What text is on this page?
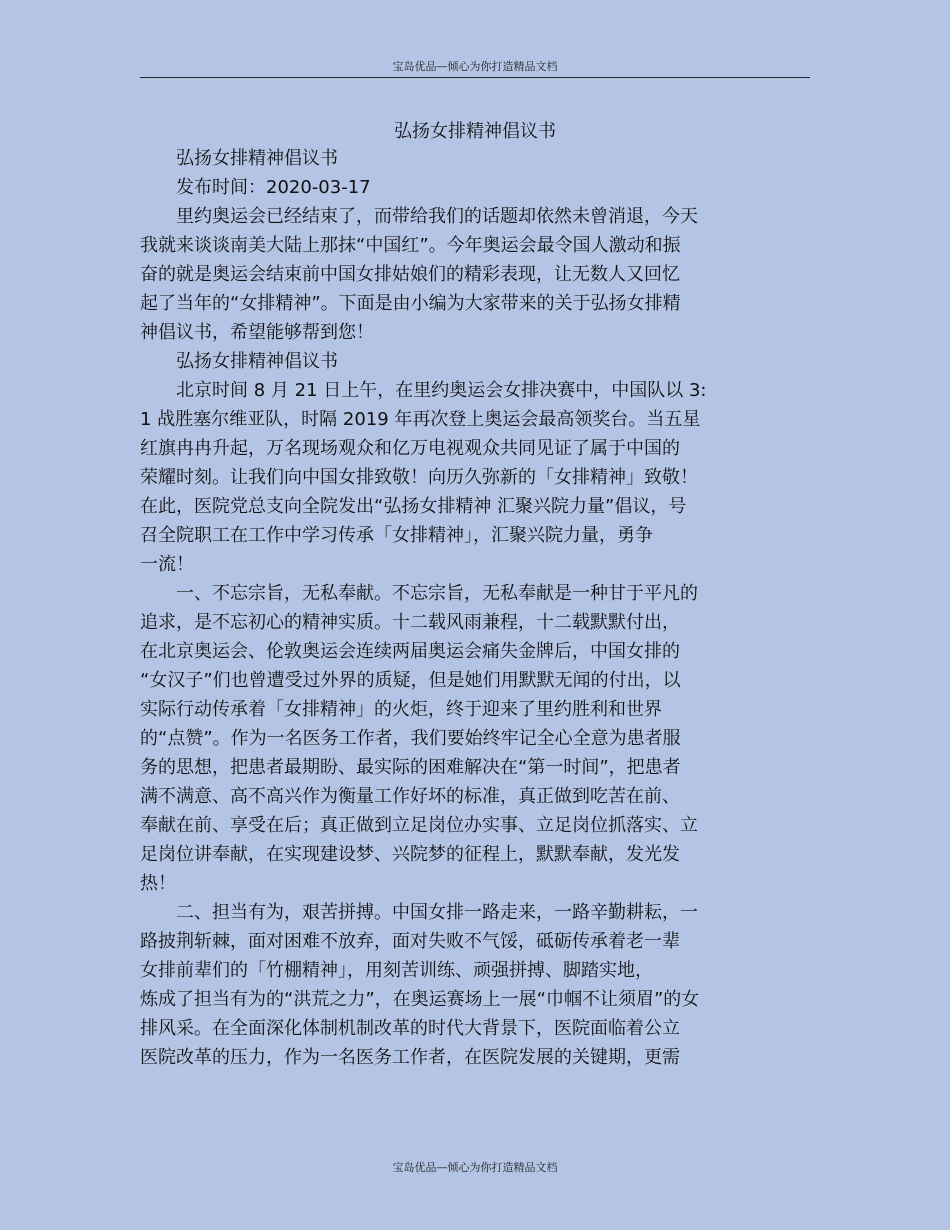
宝岛优品—倾心为你打造精品文档
弘扬女排精神倡议书
　　弘扬女排精神倡议书
　　发布时间：2020-03-17
　　里约奥运会已经结束了，而带给我们的话题却依然未曾消退，今天
我就来谈谈南美大陆上那抹“中国红”。今年奥运会最令国人激动和振
奋的就是奥运会结束前中国女排姑娘们的精彩表现，让无数人又回忆
起了当年的“女排精神”。下面是由小编为大家带来的关于弘扬女排精
神倡议书，希望能够帮到您！
　　弘扬女排精神倡议书
　　北京时间 8 月 21 日上午，在里约奥运会女排决赛中，中国队以 3:
1 战胜塞尔维亚队，时隔 2019 年再次登上奥运会最高领奖台。当五星
红旗冉冉升起，万名现场观众和亿万电视观众共同见证了属于中国的
荣耀时刻。让我们向中国女排致敬！向历久弥新的「女排精神」致敬！
在此，医院党总支向全院发出“弘扬女排精神 汇聚兴院力量”倡议，号
召全院职工在工作中学习传承「女排精神」，汇聚兴院力量，勇争
一流！
　　一、不忘宗旨，无私奉献。不忘宗旨，无私奉献是一种甘于平凡的
追求，是不忘初心的精神实质。十二载风雨兼程，十二载默默付出，
在北京奥运会、伦敦奥运会连续两届奥运会痛失金牌后，中国女排的
“女汉子”们也曾遭受过外界的质疑，但是她们用默默无闻的付出，以
实际行动传承着「女排精神」的火炬，终于迎来了里约胜利和世界
的“点赞”。作为一名医务工作者，我们要始终牢记全心全意为患者服
务的思想，把患者最期盼、最实际的困难解决在“第一时间”，把患者
满不满意、高不高兴作为衡量工作好坏的标准，真正做到吃苦在前、
奉献在前、享受在后；真正做到立足岗位办实事、立足岗位抓落实、立
足岗位讲奉献，在实现建设梦、兴院梦的征程上，默默奉献，发光发
热！
　　二、担当有为，艰苦拼搏。中国女排一路走来，一路辛勤耕耘，一
路披荆斩棘，面对困难不放弃，面对失败不气馁，砥砺传承着老一辈
女排前辈们的「竹棚精神」，用刻苦训练、顽强拼搏、脚踏实地，
炼成了担当有为的“洪荒之力”，在奥运赛场上一展“巾帼不让须眉”的女
排风采。在全面深化体制机制改革的时代大背景下，医院面临着公立
医院改革的压力，作为一名医务工作者，在医院发展的关键期，更需
宝岛优品—倾心为你打造精品文档
